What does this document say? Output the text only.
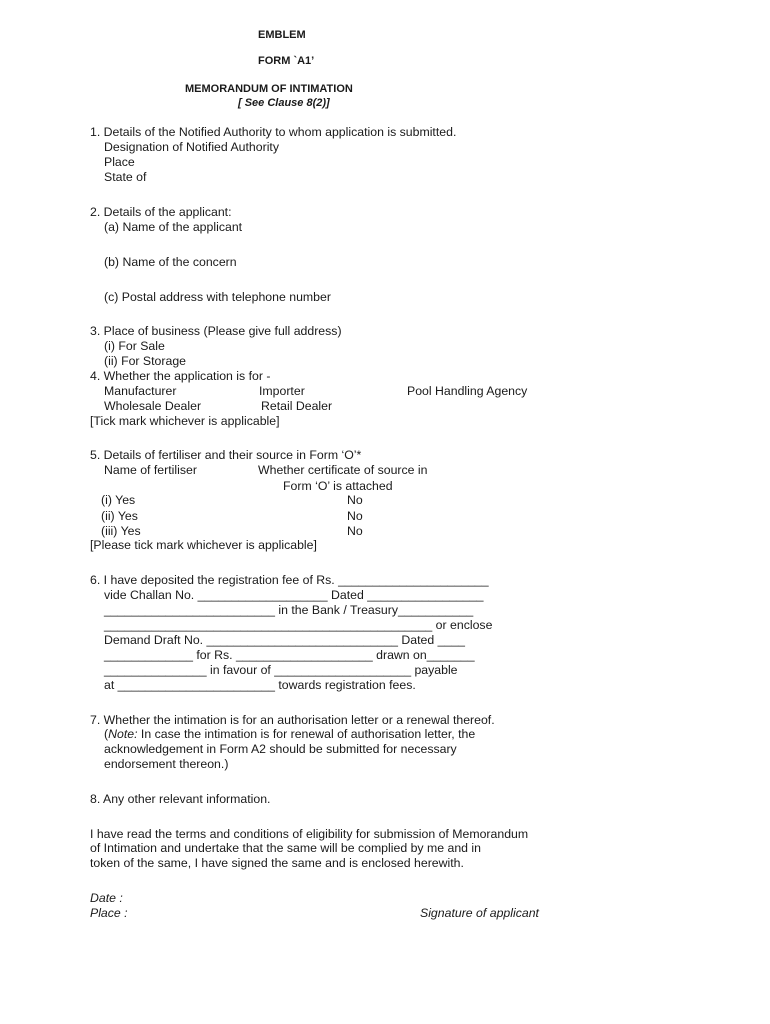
EMBLEM
FORM `A1’
MEMORANDUM OF INTIMATION
[ See Clause 8(2)]
1. Details of the Notified Authority to whom application is submitted.
Designation of Notified Authority
Place
State of
2. Details of the applicant:
(a) Name of the applicant
(b) Name of the concern
(c) Postal address with telephone number
3. Place of business (Please give full address)
(i) For Sale
(ii) For Storage
4. Whether the application is for -
Manufacturer	Importer	Pool Handling Agency
Wholesale Dealer	Retail Dealer
[Tick mark whichever is applicable]
5. Details of fertiliser and their source in Form ‘O’*
Name of fertiliser	Whether certificate of source in
Form ‘O’ is attached
(i) Yes	No
(ii) Yes	No
(iii) Yes	No
[Please tick mark whichever is applicable]
6. I have deposited the registration fee of Rs. ______________________
vide Challan No. ___________________ Dated _________________
_________________________ in the Bank / Treasury___________
________________________________________________ or enclose
Demand Draft No. ____________________________ Dated ____
_____________ for Rs. ____________________ drawn on_______
_______________ in favour of ____________________ payable
at _______________________ towards registration fees.
7. Whether the intimation is for an authorisation letter or a renewal thereof.
(Note: In case the intimation is for renewal of authorisation letter, the
acknowledgement in Form A2 should be submitted for necessary
endorsement thereon.)
8. Any other relevant information.
I have read the terms and conditions of eligibility for submission of Memorandum
of Intimation and undertake that the same will be complied by me and in
token of the same, I have signed the same and is enclosed herewith.
Date :
Place :	Signature of applicant
